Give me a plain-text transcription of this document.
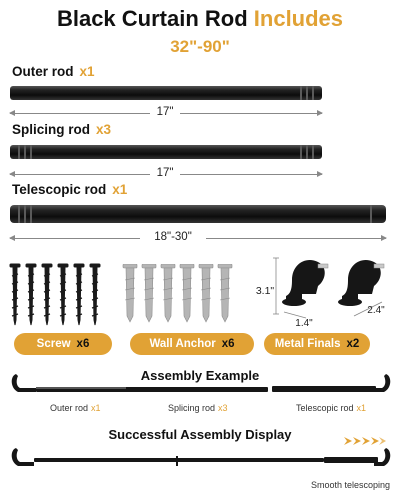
Black Curtain Rod Includes
32"-90"
Outer rod x1
17"
Splicing rod x3
17"
Telescopic rod x1
18"-30"
3.1"
1.4"
2.4"
Screw x6	Wall Anchor x6	Metal Finals x2
Assembly Example
Outer rod x1	Splicing rod x3	Telescopic rod x1
Successful Assembly Display
Smooth telescoping
